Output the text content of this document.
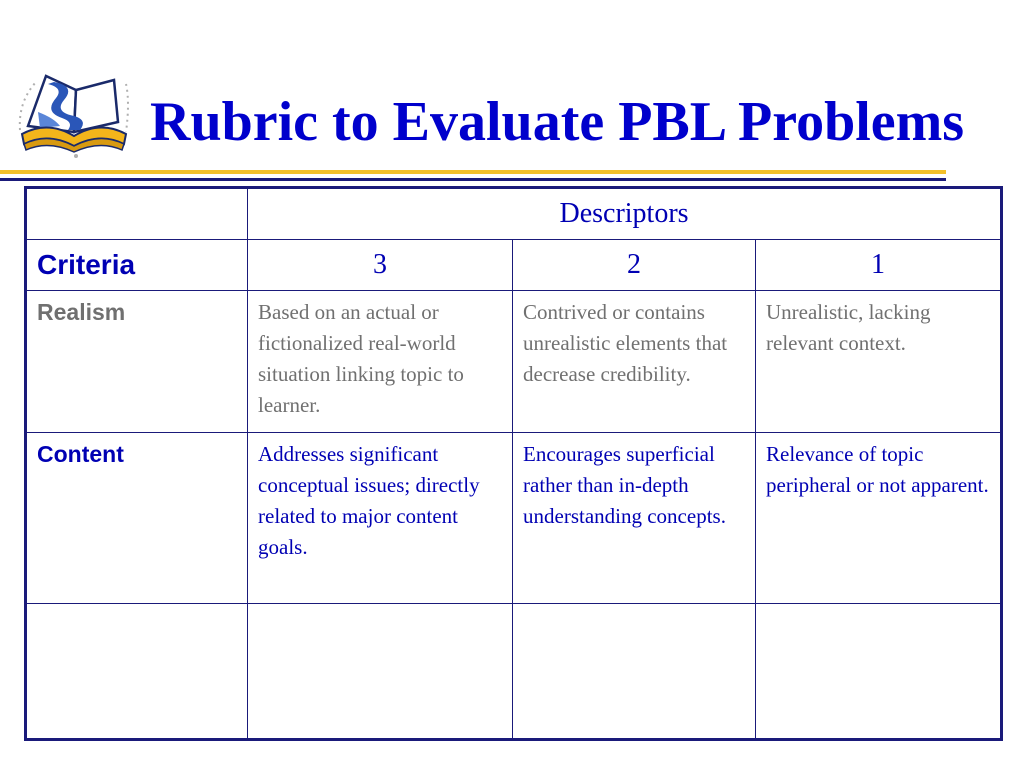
Rubric to Evaluate PBL Problems
	Descriptors		
Criteria	3	2	1
Realism	Based on an actual or fictionalized real-world situation linking topic to learner.	Contrived or contains unrealistic elements that decrease credibility.	Unrealistic, lacking relevant context.
Content	Addresses significant conceptual issues; directly related to major content goals.	Encourages superficial rather than in-depth understanding concepts.	Relevance of topic peripheral or not apparent.
